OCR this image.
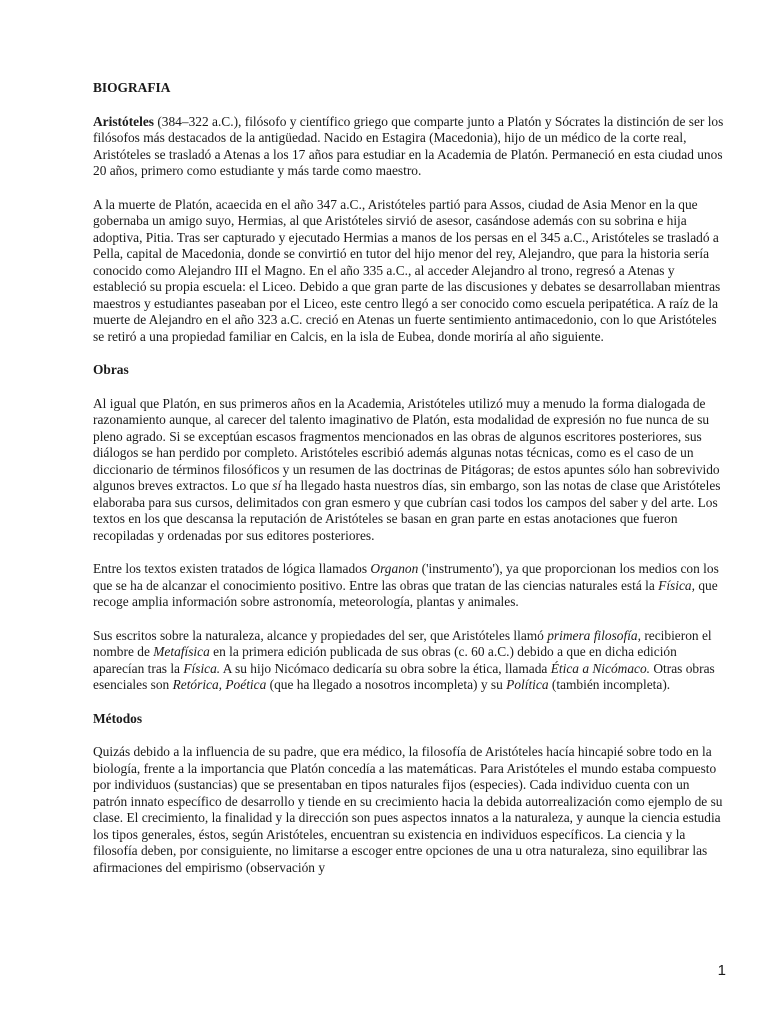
BIOGRAFIA

Aristóteles (384–322 a.C.), filósofo y científico griego que comparte junto a Platón y Sócrates la distinción de ser los filósofos más destacados de la antigüedad. Nacido en Estagira (Macedonia), hijo de un médico de la corte real, Aristóteles se trasladó a Atenas a los 17 años para estudiar en la Academia de Platón. Permaneció en esta ciudad unos 20 años, primero como estudiante y más tarde como maestro.

A la muerte de Platón, acaecida en el año 347 a.C., Aristóteles partió para Assos, ciudad de Asia Menor en la que gobernaba un amigo suyo, Hermias, al que Aristóteles sirvió de asesor, casándose además con su sobrina e hija adoptiva, Pitia. Tras ser capturado y ejecutado Hermias a manos de los persas en el 345 a.C., Aristóteles se trasladó a Pella, capital de Macedonia, donde se convirtió en tutor del hijo menor del rey, Alejandro, que para la historia sería conocido como Alejandro III el Magno. En el año 335 a.C., al acceder Alejandro al trono, regresó a Atenas y estableció su propia escuela: el Liceo. Debido a que gran parte de las discusiones y debates se desarrollaban mientras maestros y estudiantes paseaban por el Liceo, este centro llegó a ser conocido como escuela peripatética. A raíz de la muerte de Alejandro en el año 323 a.C. creció en Atenas un fuerte sentimiento antimacedonio, con lo que Aristóteles se retiró a una propiedad familiar en Calcis, en la isla de Eubea, donde moriría al año siguiente.

Obras

Al igual que Platón, en sus primeros años en la Academia, Aristóteles utilizó muy a menudo la forma dialogada de razonamiento aunque, al carecer del talento imaginativo de Platón, esta modalidad de expresión no fue nunca de su pleno agrado. Si se exceptúan escasos fragmentos mencionados en las obras de algunos escritores posteriores, sus diálogos se han perdido por completo. Aristóteles escribió además algunas notas técnicas, como es el caso de un diccionario de términos filosóficos y un resumen de las doctrinas de Pitágoras; de estos apuntes sólo han sobrevivido algunos breves extractos. Lo que sí ha llegado hasta nuestros días, sin embargo, son las notas de clase que Aristóteles elaboraba para sus cursos, delimitados con gran esmero y que cubrían casi todos los campos del saber y del arte. Los textos en los que descansa la reputación de Aristóteles se basan en gran parte en estas anotaciones que fueron recopiladas y ordenadas por sus editores posteriores.

Entre los textos existen tratados de lógica llamados Organon ('instrumento'), ya que proporcionan los medios con los que se ha de alcanzar el conocimiento positivo. Entre las obras que tratan de las ciencias naturales está la Física, que recoge amplia información sobre astronomía, meteorología, plantas y animales.

Sus escritos sobre la naturaleza, alcance y propiedades del ser, que Aristóteles llamó primera filosofía, recibieron el nombre de Metafísica en la primera edición publicada de sus obras (c. 60 a.C.) debido a que en dicha edición aparecían tras la Física. A su hijo Nicómaco dedicaría su obra sobre la ética, llamada Ética a Nicómaco. Otras obras esenciales son Retórica, Poética (que ha llegado a nosotros incompleta) y su Política (también incompleta).

Métodos

Quizás debido a la influencia de su padre, que era médico, la filosofía de Aristóteles hacía hincapié sobre todo en la biología, frente a la importancia que Platón concedía a las matemáticas. Para Aristóteles el mundo estaba compuesto por individuos (sustancias) que se presentaban en tipos naturales fijos (especies). Cada individuo cuenta con un patrón innato específico de desarrollo y tiende en su crecimiento hacia la debida autorrealización como ejemplo de su clase. El crecimiento, la finalidad y la dirección son pues aspectos innatos a la naturaleza, y aunque la ciencia estudia los tipos generales, éstos, según Aristóteles, encuentran su existencia en individuos específicos. La ciencia y la filosofía deben, por consiguiente, no limitarse a escoger entre opciones de una u otra naturaleza, sino equilibrar las afirmaciones del empirismo (observación y

1
